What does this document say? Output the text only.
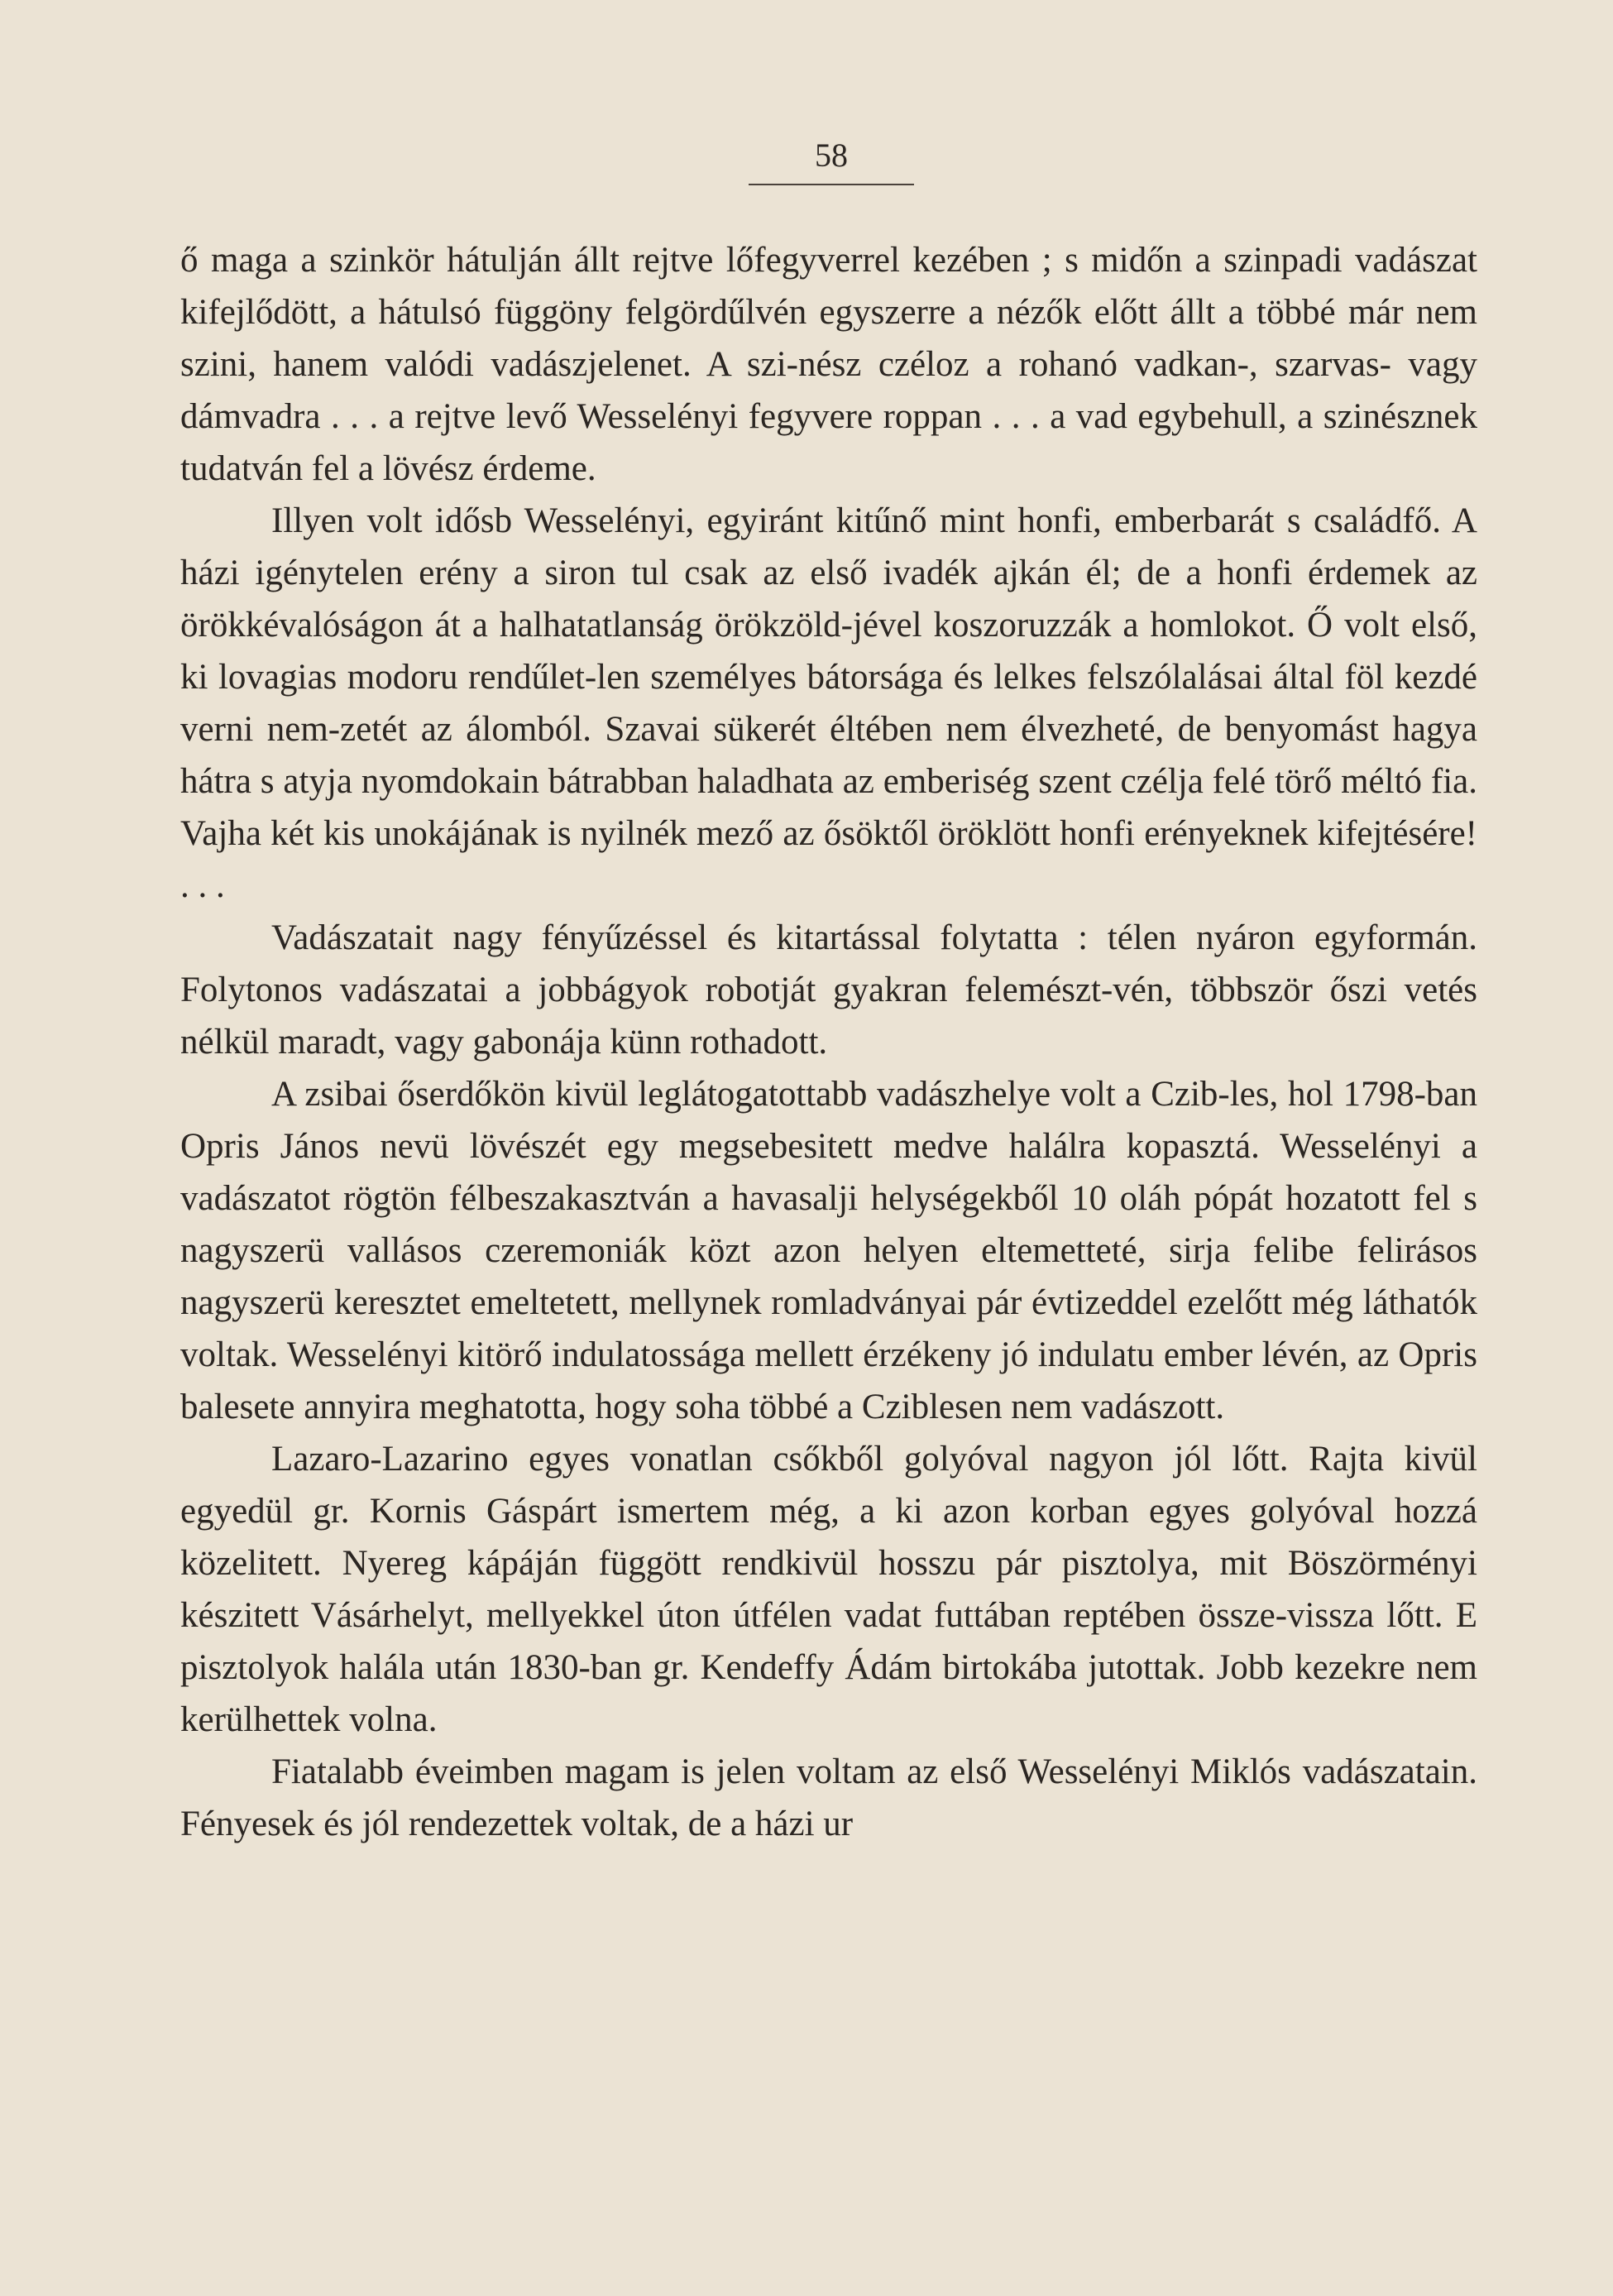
58

ő maga a szinkör hátulján állt rejtve lőfegyverrel kezében ; s midőn a szinpadi vadászat kifejlődött, a hátulsó függöny felgördűlvén egyszerre a nézők előtt állt a többé már nem szini, hanem valódi vadászjelenet. A szi-nész czéloz a rohanó vadkan-, szarvas- vagy dámvadra . . . a rejtve levő Wesselényi fegyvere roppan . . . a vad egybehull, a szinésznek tudatván fel a lövész érdeme.

Illyen volt idősb Wesselényi, egyiránt kitűnő mint honfi, emberbarát s családfő. A házi igénytelen erény a siron tul csak az első ivadék ajkán él; de a honfi érdemek az örökkévalóságon át a halhatatlanság örökzöld-jével koszoruzzák a homlokot. Ő volt első, ki lovagias modoru rendűlet-len személyes bátorsága és lelkes felszólalásai által föl kezdé verni nem-zetét az álomból. Szavai sükerét éltében nem élvezheté, de benyomást hagya hátra s atyja nyomdokain bátrabban haladhata az emberiség szent czélja felé törő méltó fia. Vajha két kis unokájának is nyilnék mező az ősöktől öröklött honfi erényeknek kifejtésére! . . .

Vadászatait nagy fényűzéssel és kitartással folytatta : télen nyáron egyformán. Folytonos vadászatai a jobbágyok robotját gyakran felemészt-vén, többször őszi vetés nélkül maradt, vagy gabonája künn rothadott.

A zsibai őserdőkön kivül leglátogatottabb vadászhelye volt a Czib-les, hol 1798-ban Opris János nevü lövészét egy megsebesitett medve halálra kopasztá. Wesselényi a vadászatot rögtön félbeszakasztván a havasalji helységekből 10 oláh pópát hozatott fel s nagyszerü vallásos czeremoniák közt azon helyen eltemetteté, sirja felibe felirásos nagyszerü keresztet emeltetett, mellynek romladványai pár évtizeddel ezelőtt még láthatók voltak. Wesselényi kitörő indulatossága mellett érzékeny jó indulatu ember lévén, az Opris balesete annyira meghatotta, hogy soha többé a Cziblesen nem vadászott.

Lazaro-Lazarino egyes vonatlan csőkből golyóval nagyon jól lőtt. Rajta kivül egyedül gr. Kornis Gáspárt ismertem még, a ki azon korban egyes golyóval hozzá közelitett. Nyereg kápáján függött rendkivül hosszu pár pisztolya, mit Böszörményi készitett Vásárhelyt, mellyekkel úton útfélen vadat futtában reptében össze-vissza lőtt. E pisztolyok halála után 1830-ban gr. Kendeffy Ádám birtokába jutottak. Jobb kezekre nem kerülhettek volna.

Fiatalabb éveimben magam is jelen voltam az első Wesselényi Miklós vadászatain. Fényesek és jól rendezettek voltak, de a házi ur
